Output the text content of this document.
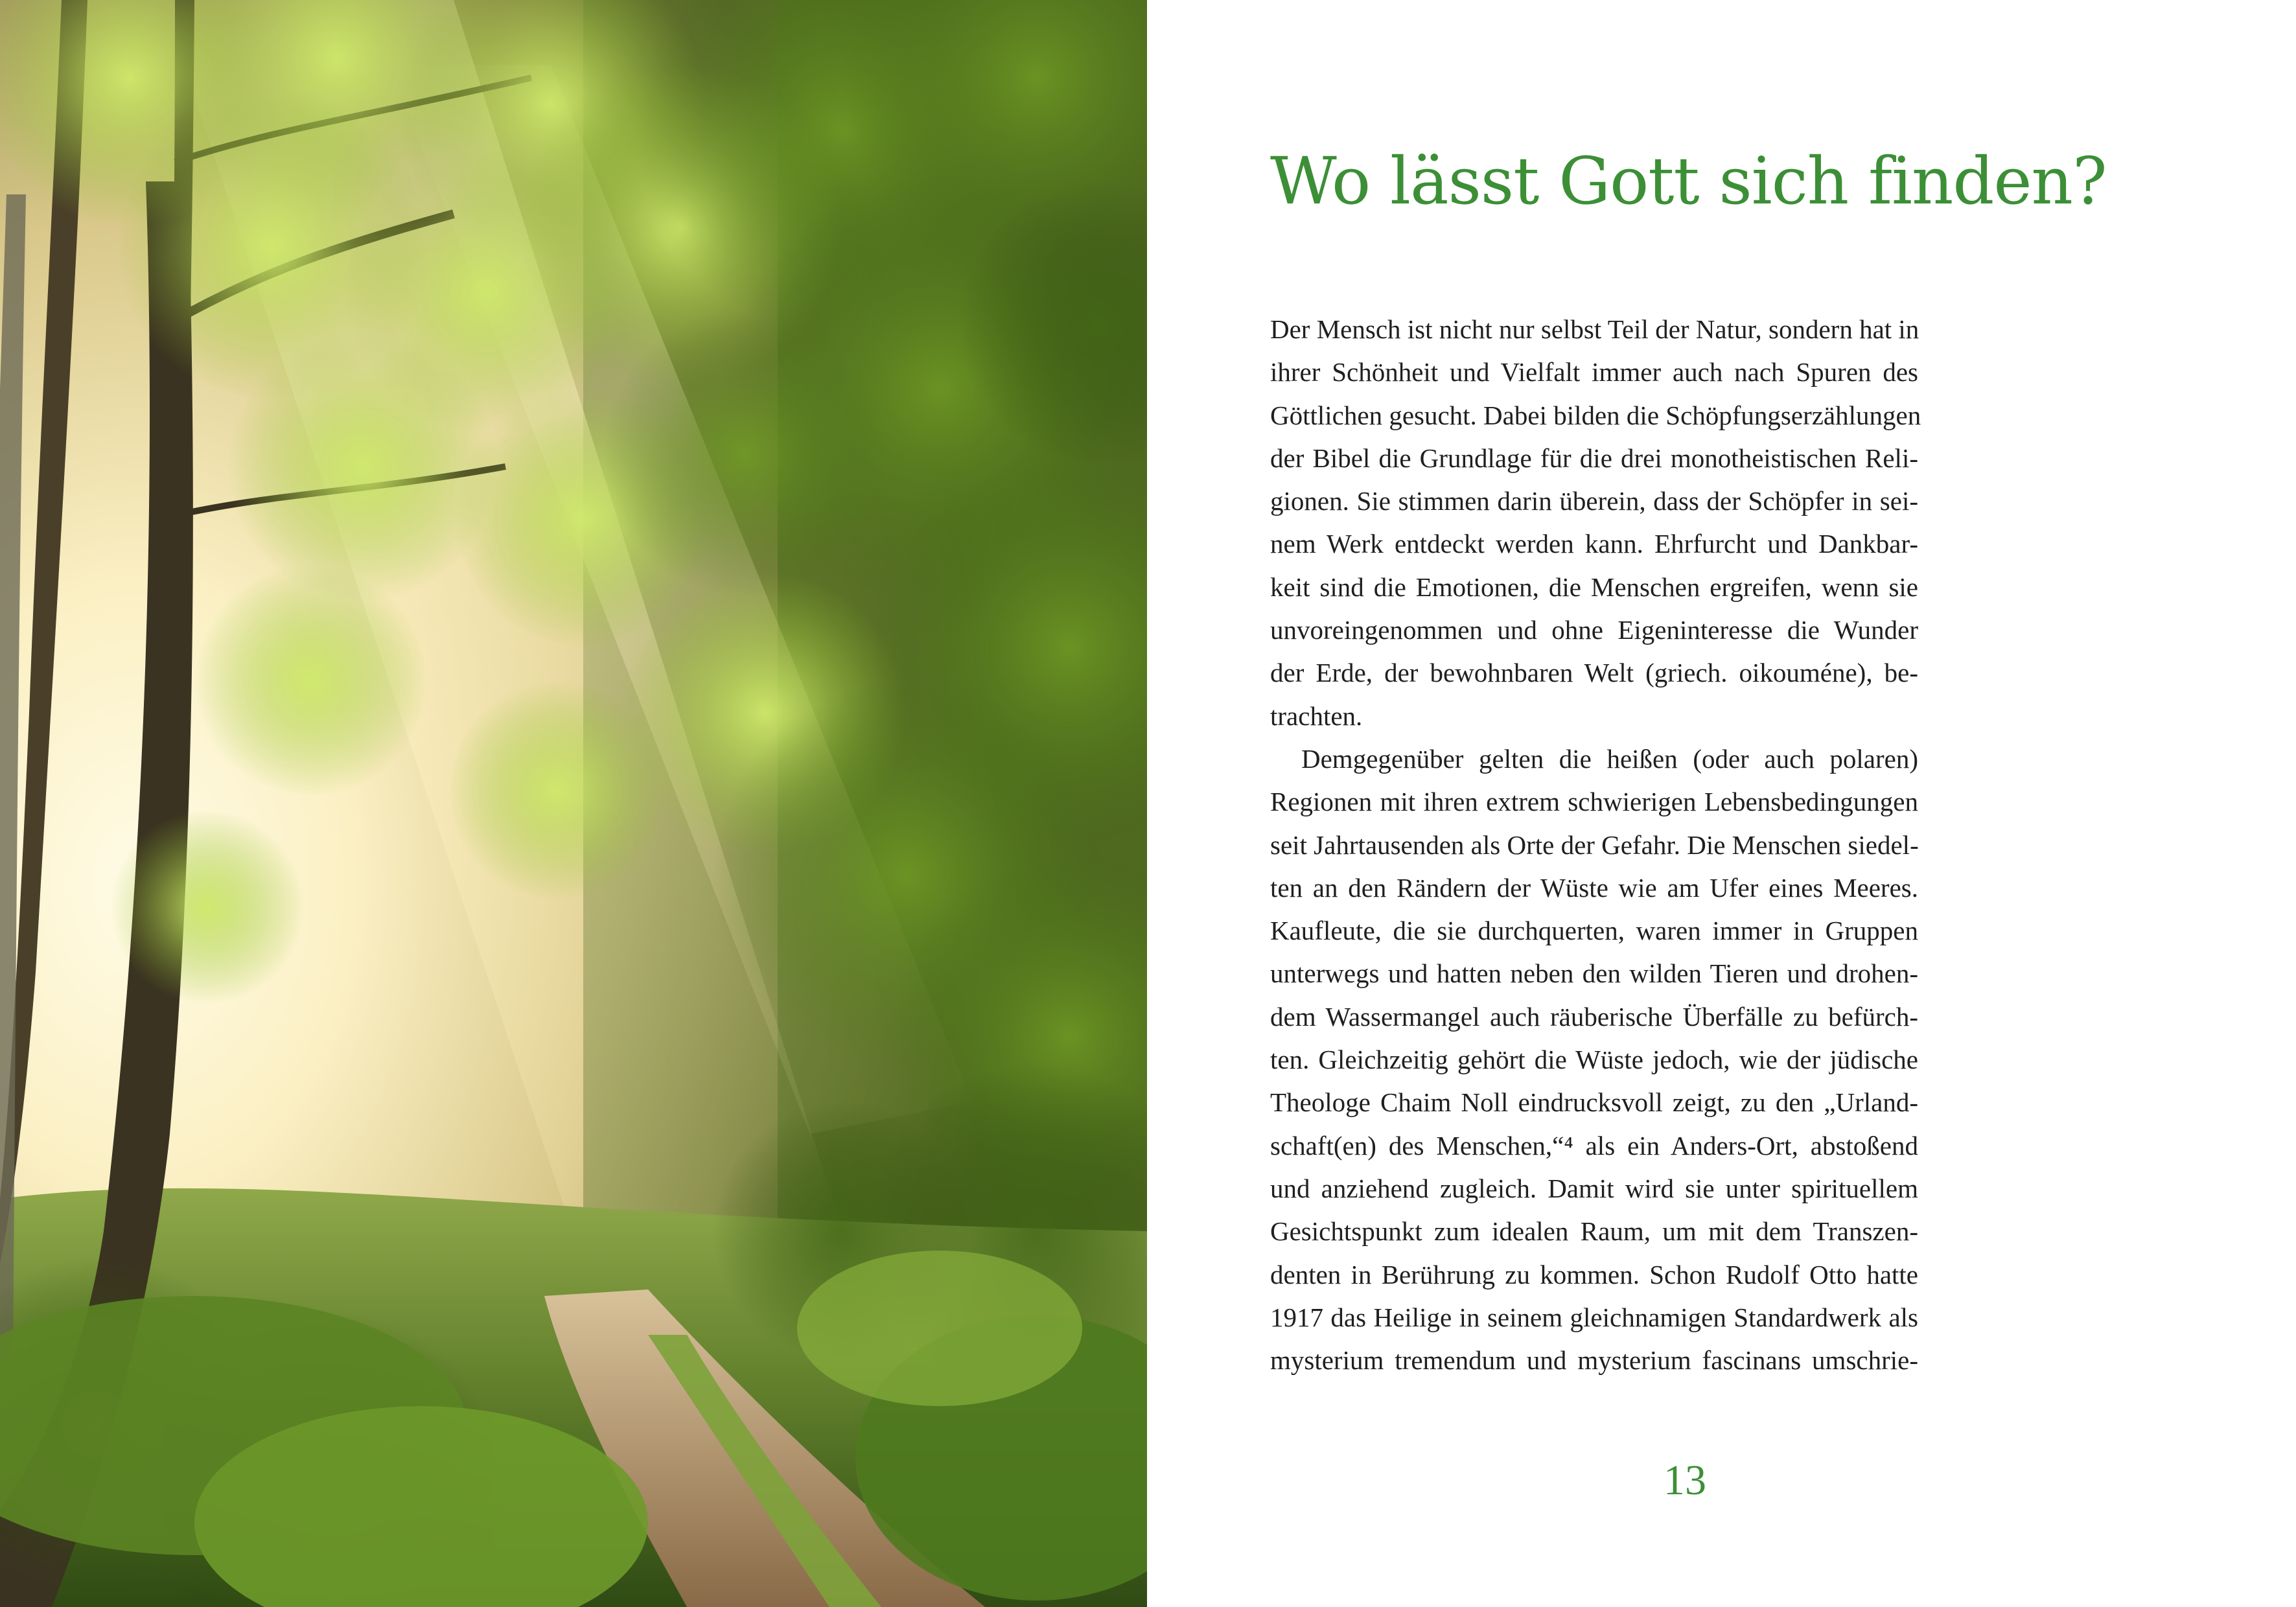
Wo lässt Gott sich finden?
Der Mensch ist nicht nur selbst Teil der Natur, sondern hat in
ihrer Schönheit und Vielfalt immer auch nach Spuren des
Göttlichen gesucht. Dabei bilden die Schöpfungserzählungen
der Bibel die Grundlage für die drei monotheistischen Reli-
gionen. Sie stimmen darin überein, dass der Schöpfer in sei-
nem Werk entdeckt werden kann. Ehrfurcht und Dankbar-
keit sind die Emotionen, die Menschen ergreifen, wenn sie
unvoreingenommen und ohne Eigeninteresse die Wunder
der Erde, der bewohnbaren Welt (griech. oikouméne), be-
trachten.
Demgegenüber gelten die heißen (oder auch polaren)
Regionen mit ihren extrem schwierigen Lebensbedingungen
seit Jahrtausenden als Orte der Gefahr. Die Menschen siedel-
ten an den Rändern der Wüste wie am Ufer eines Meeres.
Kaufleute, die sie durchquerten, waren immer in Gruppen
unterwegs und hatten neben den wilden Tieren und drohen-
dem Wassermangel auch räuberische Überfälle zu befürch-
ten. Gleichzeitig gehört die Wüste jedoch, wie der jüdische
Theologe Chaim Noll eindrucksvoll zeigt, zu den „Urland-
schaft(en) des Menschen,“⁴ als ein Anders-Ort, abstoßend
und anziehend zugleich. Damit wird sie unter spirituellem
Gesichtspunkt zum idealen Raum, um mit dem Transzen-
denten in Berührung zu kommen. Schon Rudolf Otto hatte
1917 das Heilige in seinem gleichnamigen Standardwerk als
mysterium tremendum und mysterium fascinans umschrie-
13
